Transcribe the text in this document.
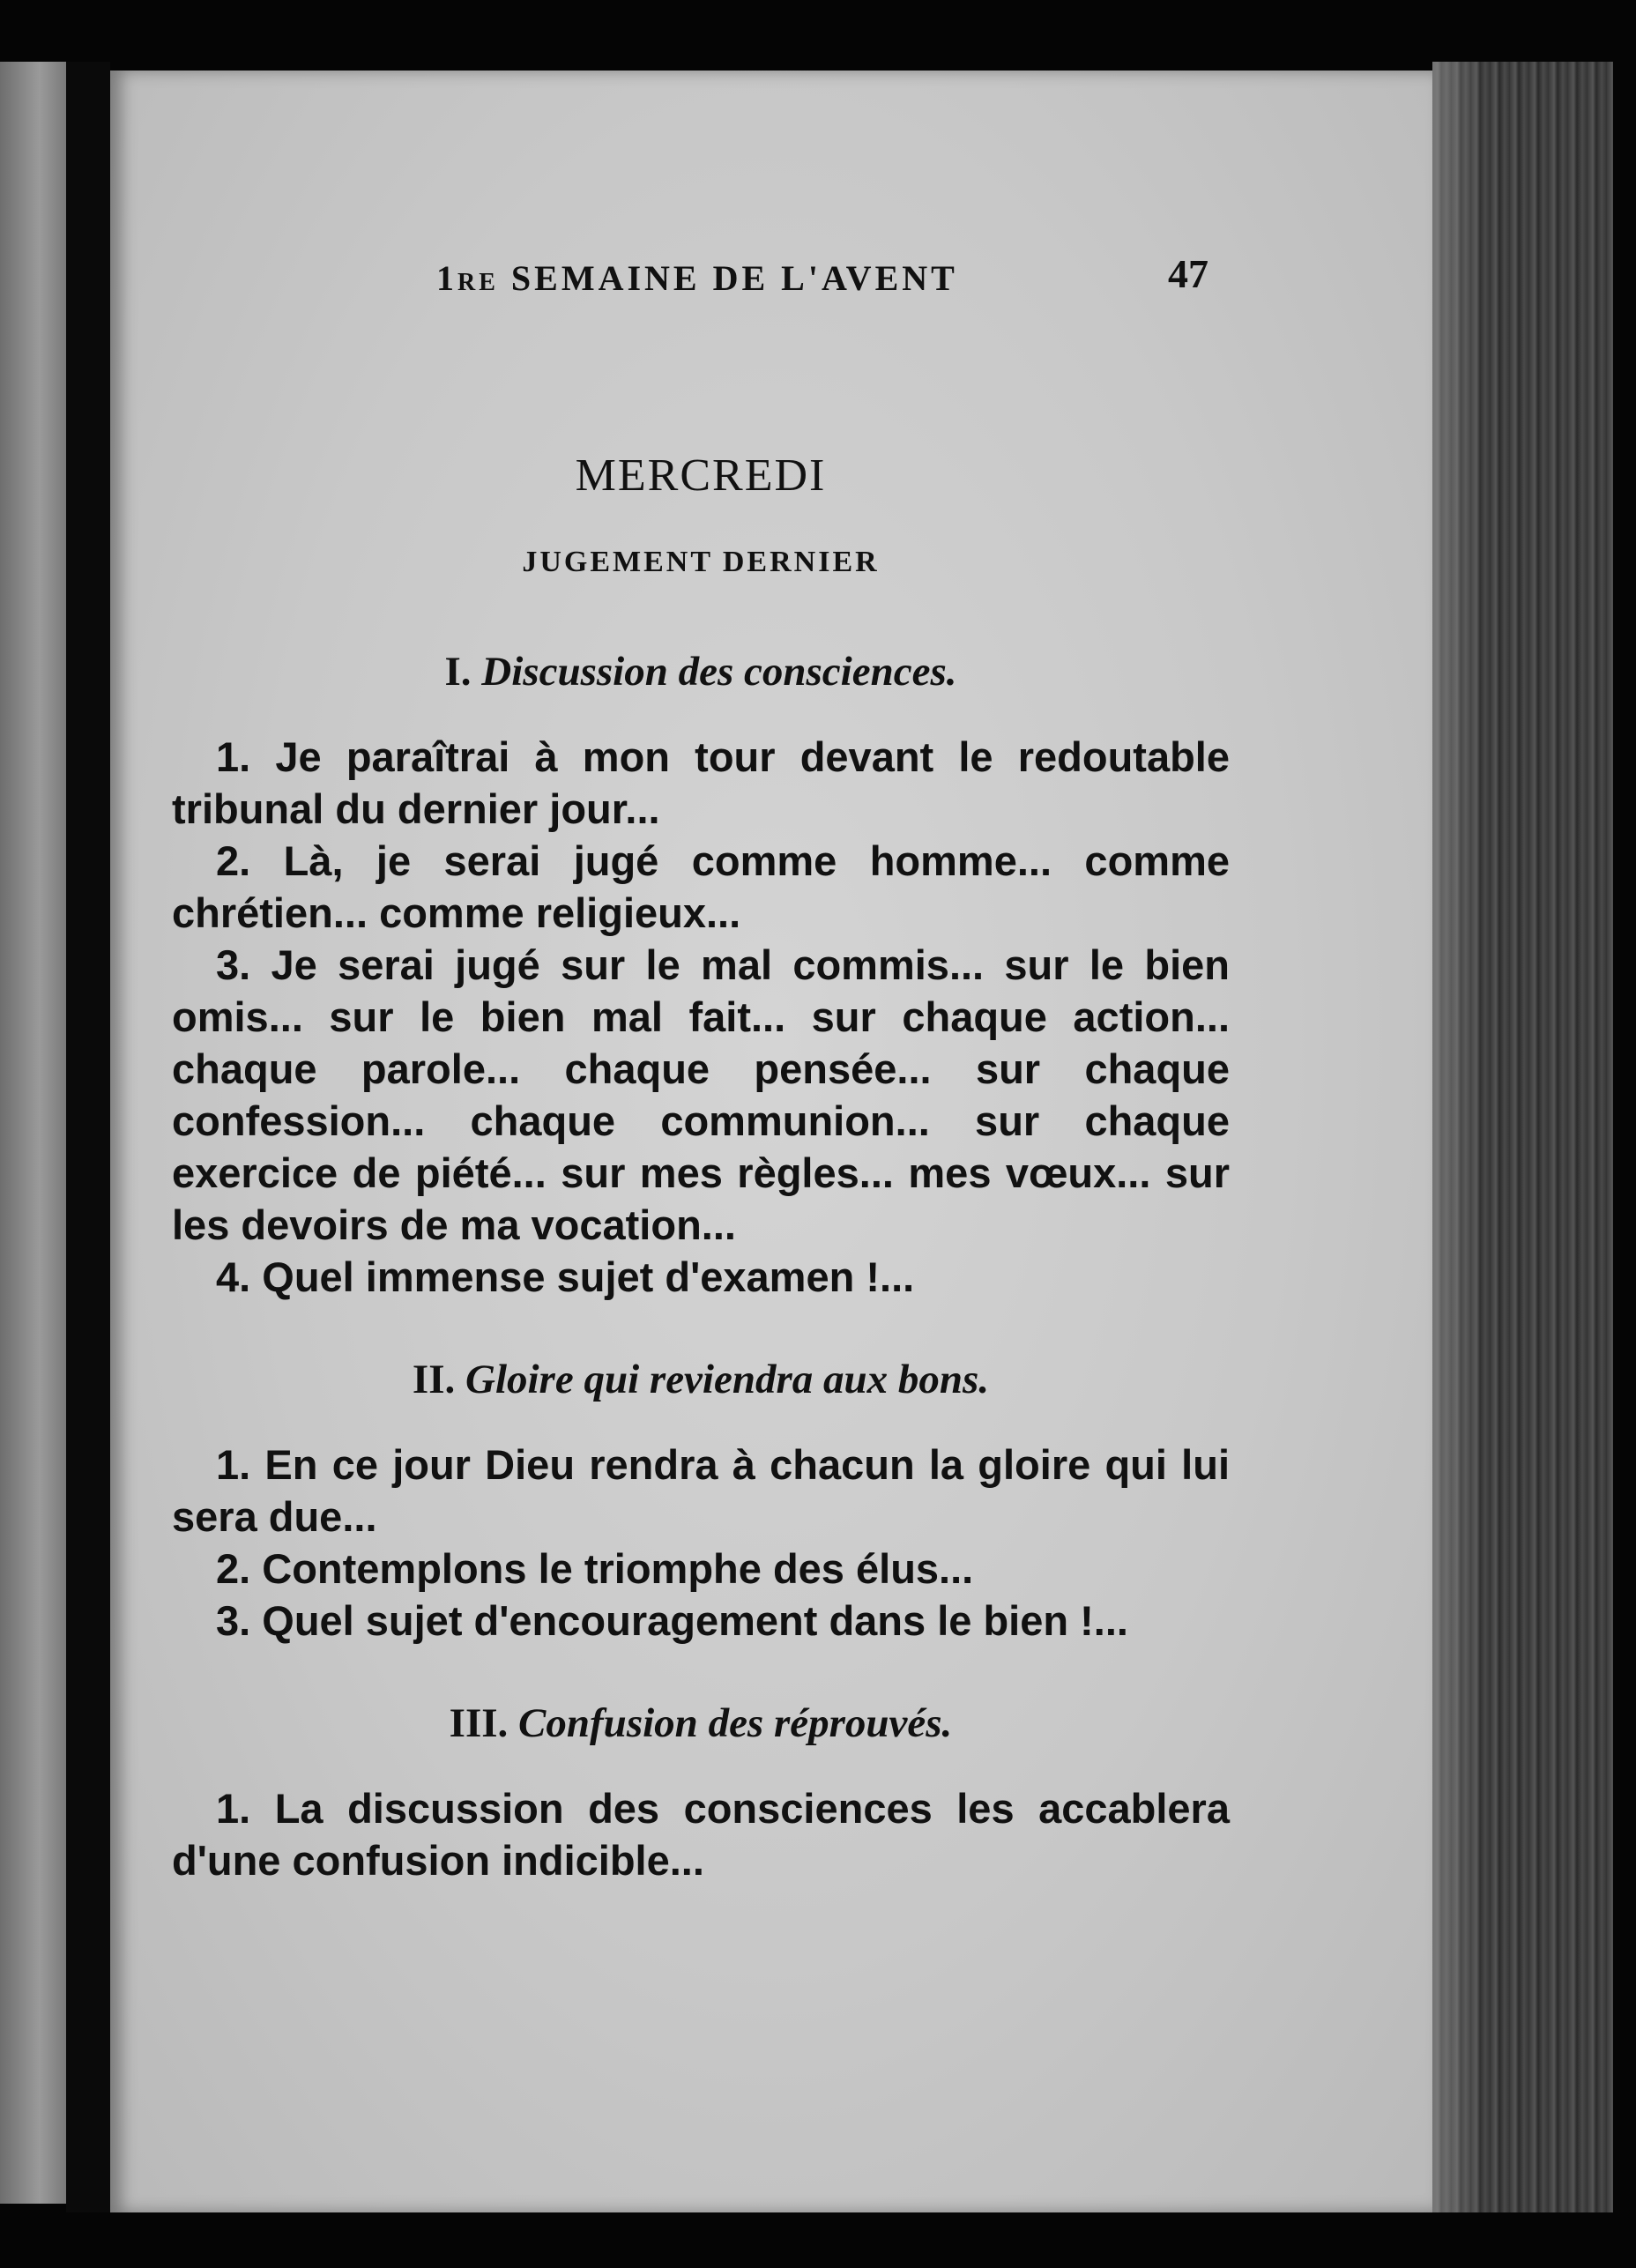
1re SEMAINE DE L'AVENT	47
MERCREDI
JUGEMENT DERNIER
I. Discussion des consciences.

1. Je paraîtrai à mon tour devant le redoutable tribunal du dernier jour...

2. Là, je serai jugé comme homme... comme chrétien... comme religieux...

3. Je serai jugé sur le mal commis... sur le bien omis... sur le bien mal fait... sur chaque action... chaque parole... chaque pensée... sur chaque confession... chaque communion... sur chaque exercice de piété... sur mes règles... mes vœux... sur les devoirs de ma vocation...

4. Quel immense sujet d'examen !...

II. Gloire qui reviendra aux bons.

1. En ce jour Dieu rendra à chacun la gloire qui lui sera due...

2. Contemplons le triomphe des élus...

3. Quel sujet d'encouragement dans le bien !...

III. Confusion des réprouvés.

1. La discussion des consciences les accablera d'une confusion indicible...
